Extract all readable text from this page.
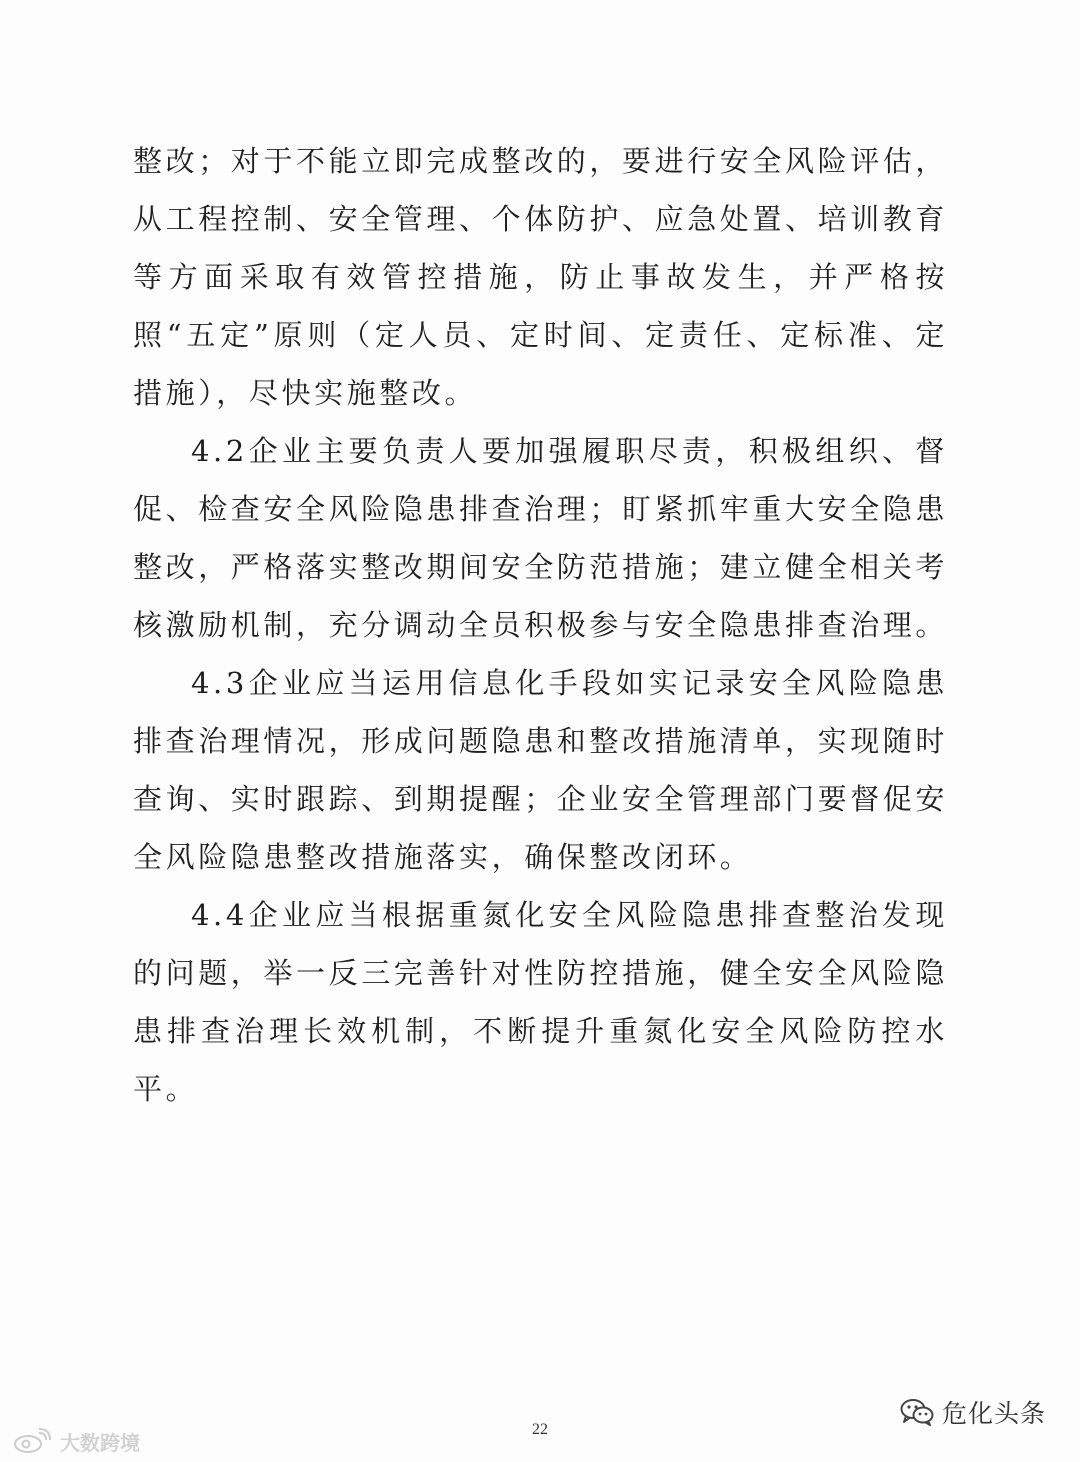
整改；对于不能立即完成整改的，要进行安全风险评估，从工程控制、安全管理、个体防护、应急处置、培训教育等方面采取有效管控措施，防止事故发生，并严格按照“五定”原则（定人员、定时间、定责任、定标准、定措施），尽快实施整改。

4.2企业主要负责人要加强履职尽责，积极组织、督促、检查安全风险隐患排查治理；盯紧抓牢重大安全隐患整改，严格落实整改期间安全防范措施；建立健全相关考核激励机制，充分调动全员积极参与安全隐患排查治理。

4.3企业应当运用信息化手段如实记录安全风险隐患排查治理情况，形成问题隐患和整改措施清单，实现随时查询、实时跟踪、到期提醒；企业安全管理部门要督促安全风险隐患整改措施落实，确保整改闭环。

4.4企业应当根据重氮化安全风险隐患排查整治发现的问题，举一反三完善针对性防控措施，健全安全风险隐患排查治理长效机制，不断提升重氮化安全风险防控水平。

危化头条
22
大数跨境
